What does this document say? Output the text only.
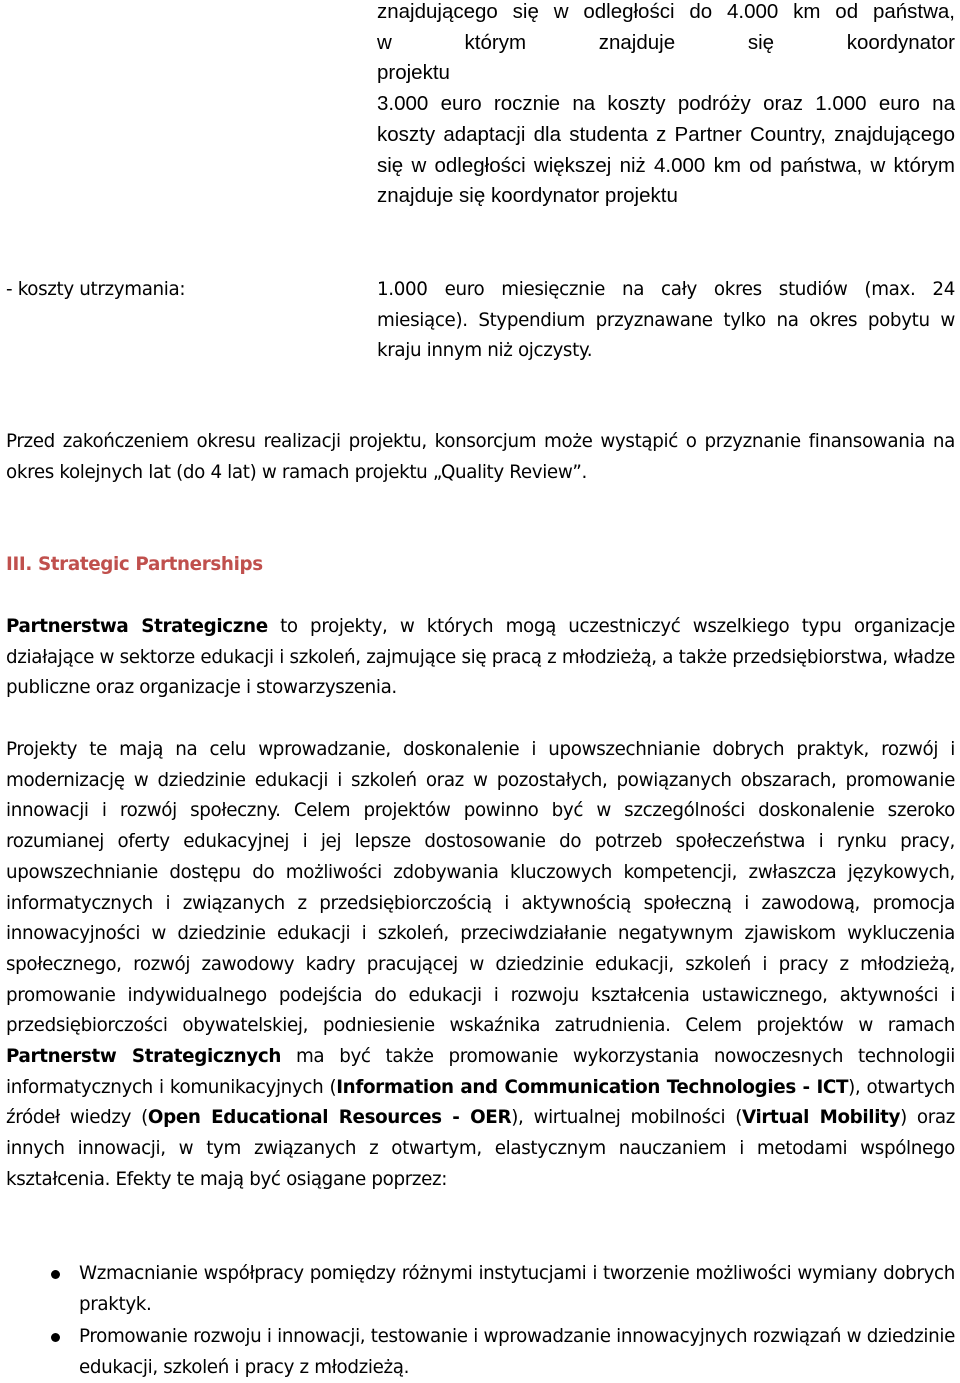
znajdującego się w odległości do 4.000 km od państwa,
w którym znajduje się koordynator
projektu
3.000 euro rocznie na koszty podróży oraz 1.000 euro na koszty adaptacji dla studenta z Partner Country, znajdującego się w odległości większej niż 4.000 km od państwa, w którym znajduje się koordynator projektu
- koszty utrzymania:	1.000 euro miesięcznie na cały okres studiów (max. 24 miesiące). Stypendium przyznawane tylko na okres pobytu w kraju innym niż ojczysty.
Przed zakończeniem okresu realizacji projektu, konsorcjum może wystąpić o przyznanie finansowania na okres kolejnych lat (do 4 lat) w ramach projektu „Quality Review”.
III. Strategic Partnerships
Partnerstwa Strategiczne to projekty, w których mogą uczestniczyć wszelkiego typu organizacje działające w sektorze edukacji i szkoleń, zajmujące się pracą z młodzieżą, a także przedsiębiorstwa, władze publiczne oraz organizacje i stowarzyszenia.
Projekty te mają na celu wprowadzanie, doskonalenie i upowszechnianie dobrych praktyk, rozwój i modernizację w dziedzinie edukacji i szkoleń oraz w pozostałych, powiązanych obszarach, promowanie innowacji i rozwój społeczny. Celem projektów powinno być w szczególności doskonalenie szeroko rozumianej oferty edukacyjnej i jej lepsze dostosowanie do potrzeb społeczeństwa i rynku pracy, upowszechnianie dostępu do możliwości zdobywania kluczowych kompetencji, zwłaszcza językowych, informatycznych i związanych z przedsiębiorczością i aktywnością społeczną i zawodową, promocja innowacyjności w dziedzinie edukacji i szkoleń, przeciwdziałanie negatywnym zjawiskom wykluczenia społecznego, rozwój zawodowy kadry pracującej w dziedzinie edukacji, szkoleń i pracy z młodzieżą, promowanie indywidualnego podejścia do edukacji i rozwoju kształcenia ustawicznego, aktywności i przedsiębiorczości obywatelskiej, podniesienie wskaźnika zatrudnienia. Celem projektów w ramach Partnerstw Strategicznych ma być także promowanie wykorzystania nowoczesnych technologii informatycznych i komunikacyjnych (Information and Communication Technologies - ICT), otwartych źródeł wiedzy (Open Educational Resources - OER), wirtualnej mobilności (Virtual Mobility) oraz innych innowacji, w tym związanych z otwartym, elastycznym nauczaniem i metodami wspólnego kształcenia. Efekty te mają być osiągane poprzez:
Wzmacnianie współpracy pomiędzy różnymi instytucjami i tworzenie możliwości wymiany dobrych praktyk.
Promowanie rozwoju i innowacji, testowanie i wprowadzanie innowacyjnych rozwiązań w dziedzinie edukacji, szkoleń i pracy z młodzieżą.
